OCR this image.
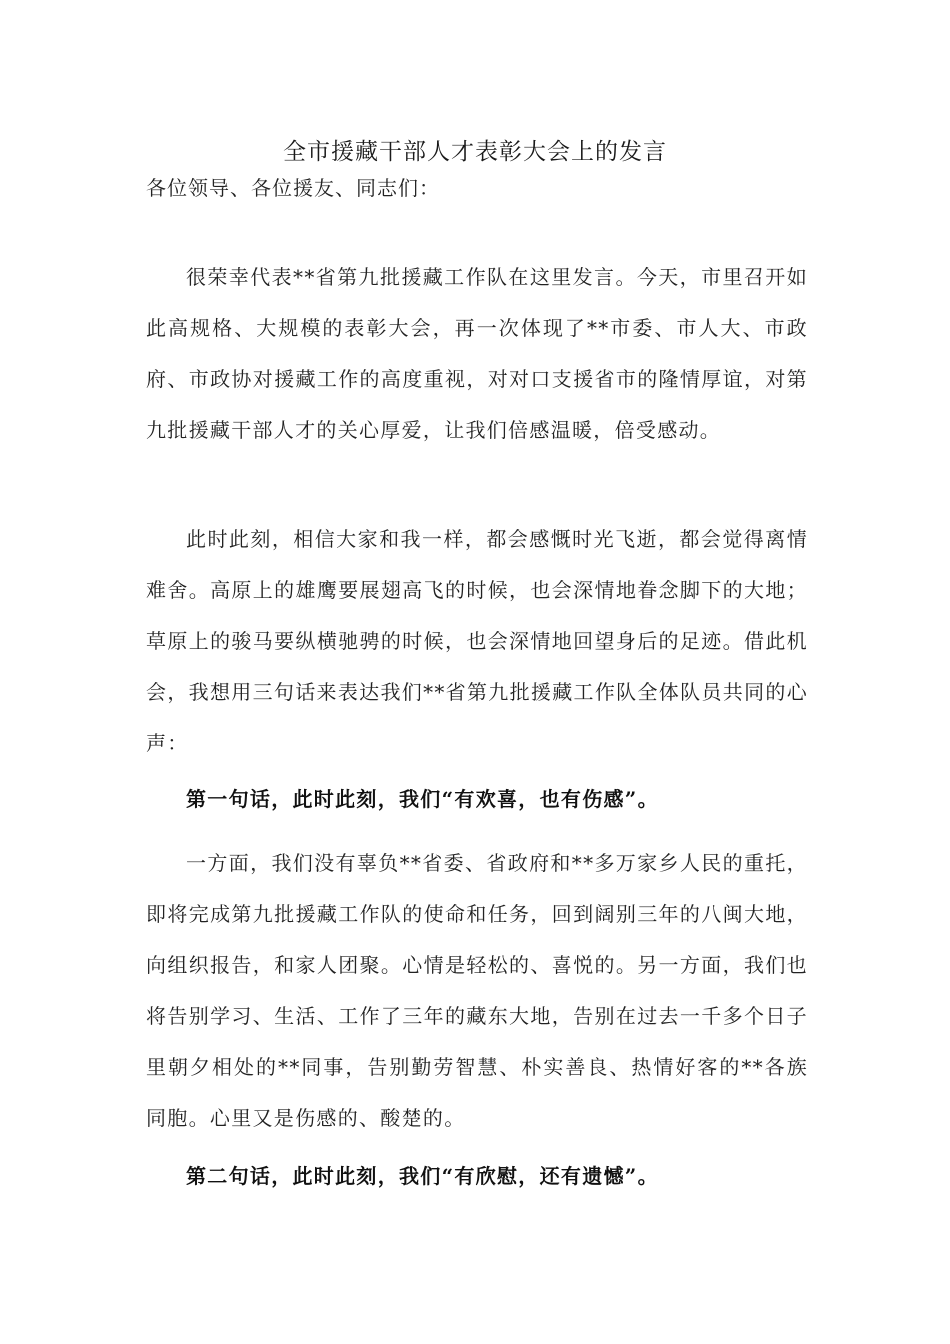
全市援藏干部人才表彰大会上的发言
各位领导、各位援友、同志们：

很荣幸代表**省第九批援藏工作队在这里发言。今天，市里召开如此高规格、大规模的表彰大会，再一次体现了**市委、市人大、市政府、市政协对援藏工作的高度重视，对对口支援省市的隆情厚谊，对第九批援藏干部人才的关心厚爱，让我们倍感温暖，倍受感动。

此时此刻，相信大家和我一样，都会感慨时光飞逝，都会觉得离情难舍。高原上的雄鹰要展翅高飞的时候，也会深情地眷念脚下的大地；草原上的骏马要纵横驰骋的时候，也会深情地回望身后的足迹。借此机会，我想用三句话来表达我们**省第九批援藏工作队全体队员共同的心声：

第一句话，此时此刻，我们“有欢喜，也有伤感”。

一方面，我们没有辜负**省委、省政府和**多万家乡人民的重托，即将完成第九批援藏工作队的使命和任务，回到阔别三年的八闽大地，向组织报告，和家人团聚。心情是轻松的、喜悦的。另一方面，我们也将告别学习、生活、工作了三年的藏东大地，告别在过去一千多个日子里朝夕相处的**同事，告别勤劳智慧、朴实善良、热情好客的**各族同胞。心里又是伤感的、酸楚的。

第二句话，此时此刻，我们“有欣慰，还有遗憾”。
